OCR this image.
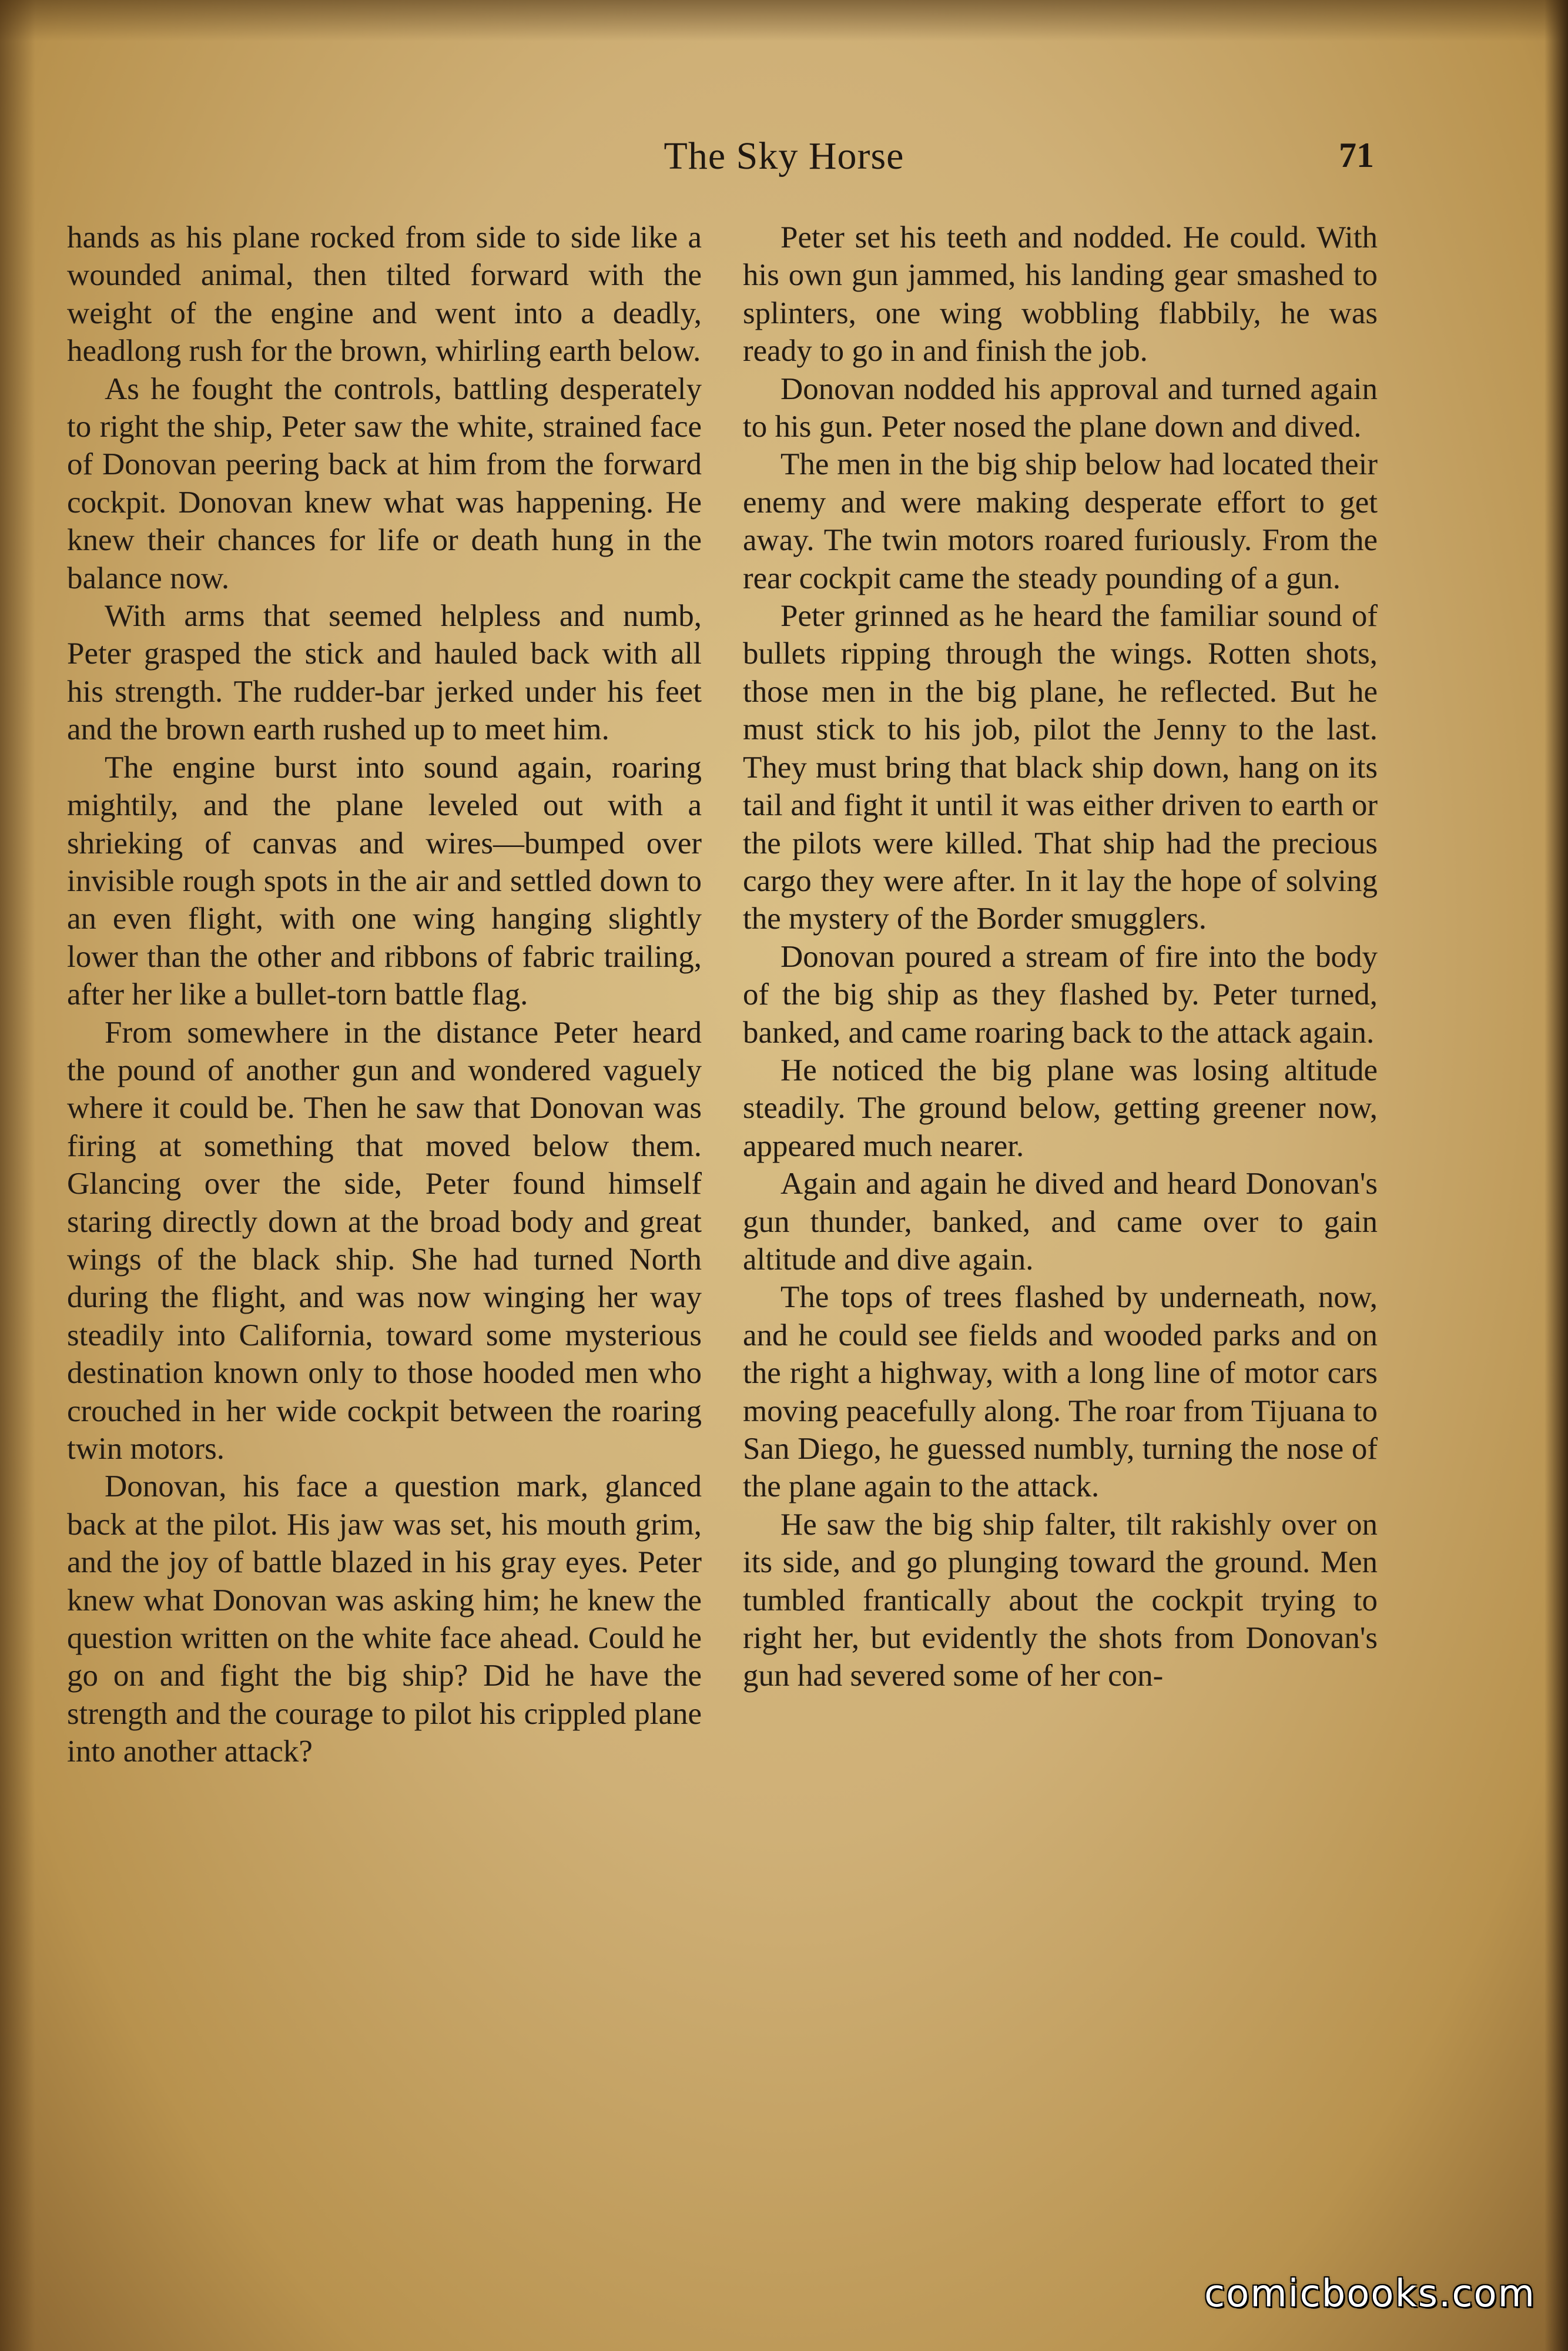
The Sky Horse	71

hands as his plane rocked from side to side like a wounded animal, then tilted forward with the weight of the engine and went into a deadly, headlong rush for the brown, whirling earth below.

As he fought the controls, battling desperately to right the ship, Peter saw the white, strained face of Donovan peering back at him from the forward cockpit. Donovan knew what was happening. He knew their chances for life or death hung in the balance now.

With arms that seemed helpless and numb, Peter grasped the stick and hauled back with all his strength. The rudder-bar jerked under his feet and the brown earth rushed up to meet him.

The engine burst into sound again, roaring mightily, and the plane leveled out with a shrieking of canvas and wires—bumped over invisible rough spots in the air and settled down to an even flight, with one wing hanging slightly lower than the other and ribbons of fabric trailing, after her like a bullet-torn battle flag.

From somewhere in the distance Peter heard the pound of another gun and wondered vaguely where it could be. Then he saw that Donovan was firing at something that moved below them. Glancing over the side, Peter found himself staring directly down at the broad body and great wings of the black ship. She had turned North during the flight, and was now winging her way steadily into California, toward some mysterious destination known only to those hooded men who crouched in her wide cockpit between the roaring twin motors.

Donovan, his face a question mark, glanced back at the pilot. His jaw was set, his mouth grim, and the joy of battle blazed in his gray eyes. Peter knew what Donovan was asking him; he knew the question written on the white face ahead. Could he go on and fight the big ship? Did he have the strength and the courage to pilot his crippled plane into another attack?

Peter set his teeth and nodded. He could. With his own gun jammed, his landing gear smashed to splinters, one wing wobbling flabbily, he was ready to go in and finish the job.

Donovan nodded his approval and turned again to his gun. Peter nosed the plane down and dived.

The men in the big ship below had located their enemy and were making desperate effort to get away. The twin motors roared furiously. From the rear cockpit came the steady pounding of a gun.

Peter grinned as he heard the familiar sound of bullets ripping through the wings. Rotten shots, those men in the big plane, he reflected. But he must stick to his job, pilot the Jenny to the last. They must bring that black ship down, hang on its tail and fight it until it was either driven to earth or the pilots were killed. That ship had the precious cargo they were after. In it lay the hope of solving the mystery of the Border smugglers.

Donovan poured a stream of fire into the body of the big ship as they flashed by. Peter turned, banked, and came roaring back to the attack again.

He noticed the big plane was losing altitude steadily. The ground below, getting greener now, appeared much nearer.

Again and again he dived and heard Donovan's gun thunder, banked, and came over to gain altitude and dive again.

The tops of trees flashed by underneath, now, and he could see fields and wooded parks and on the right a highway, with a long line of motor cars moving peacefully along. The roar from Tijuana to San Diego, he guessed numbly, turning the nose of the plane again to the attack.

He saw the big ship falter, tilt rakishly over on its side, and go plunging toward the ground. Men tumbled frantically about the cockpit trying to right her, but evidently the shots from Donovan's gun had severed some of her con-

comicbooks.com
